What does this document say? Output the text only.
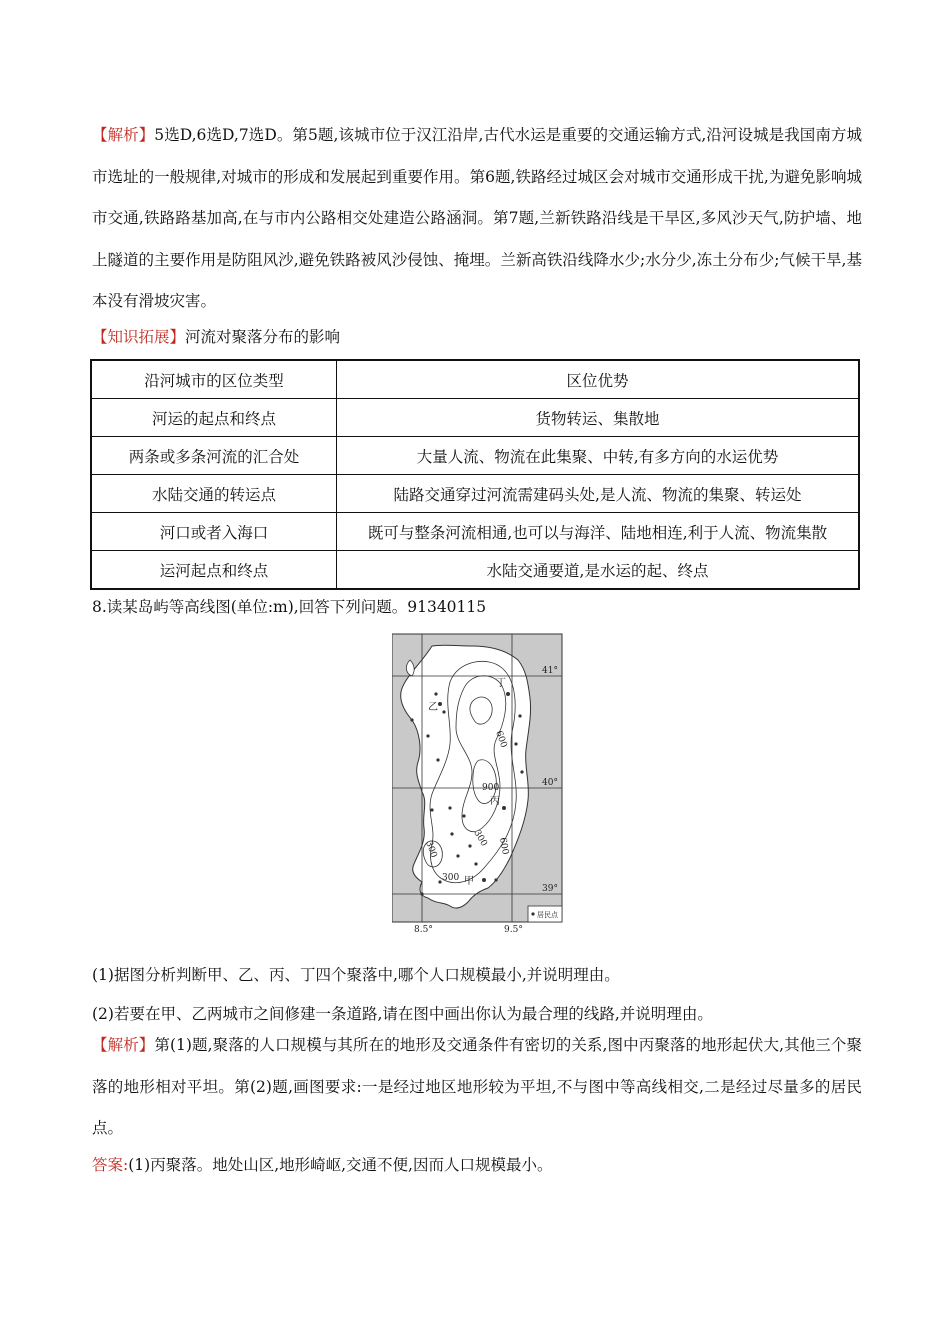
【解析】5选D,6选D,7选D。第5题,该城市位于汉江沿岸,古代水运是重要的交通运输方式,沿河设城是我国南方城市选址的一般规律,对城市的形成和发展起到重要作用。第6题,铁路经过城区会对城市交通形成干扰,为避免影响城市交通,铁路路基加高,在与市内公路相交处建造公路涵洞。第7题,兰新铁路沿线是干旱区,多风沙天气,防护墙、地上隧道的主要作用是防阻风沙,避免铁路被风沙侵蚀、掩埋。兰新高铁沿线降水少;水分少,冻土分布少;气候干旱,基本没有滑坡灾害。

【知识拓展】河流对聚落分布的影响

沿河城市的区位类型	区位优势
河运的起点和终点	货物转运、集散地
两条或多条河流的汇合处	大量人流、物流在此集聚、中转,有多方向的水运优势
水陆交通的转运点	陆路交通穿过河流需建码头处,是人流、物流的集聚、转运处
河口或者入海口	既可与整条河流相通,也可以与海洋、陆地相连,利于人流、物流集散
运河起点和终点	水陆交通要道,是水运的起、终点

8.读某岛屿等高线图(单位:m),回答下列问题。91340115

41°
40°
39°
丁
乙
丙
甲
900
600
600
300
300
300
居民点
8.5°	9.5°

(1)据图分析判断甲、乙、丙、丁四个聚落中,哪个人口规模最小,并说明理由。

(2)若要在甲、乙两城市之间修建一条道路,请在图中画出你认为最合理的线路,并说明理由。

【解析】第(1)题,聚落的人口规模与其所在的地形及交通条件有密切的关系,图中丙聚落的地形起伏大,其他三个聚落的地形相对平坦。第(2)题,画图要求:一是经过地区地形较为平坦,不与图中等高线相交,二是经过尽量多的居民点。

答案:(1)丙聚落。地处山区,地形崎岖,交通不便,因而人口规模最小。
